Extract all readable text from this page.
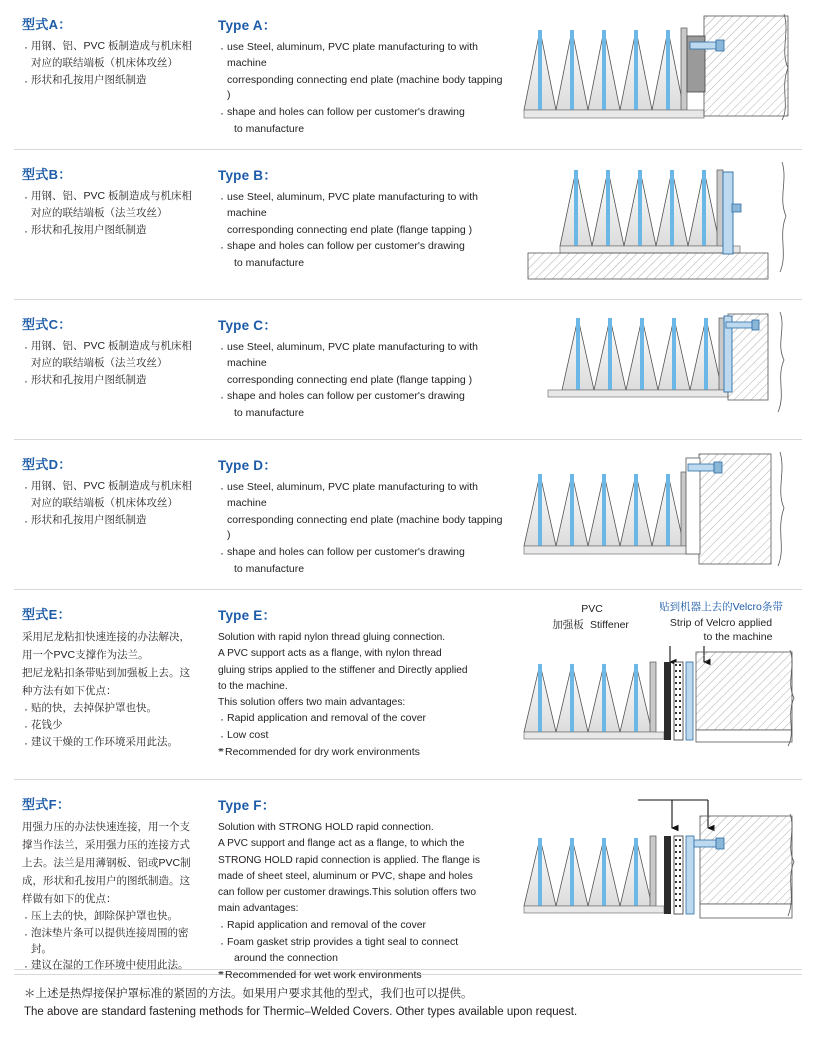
型式A：
· 用钢、铝、PVC 板制造成与机床相
对应的联结端板（机床体攻丝）
· 形状和孔按用户图纸制造
Type A：
· use Steel, aluminum, PVC plate manufacturing to with machine
corresponding connecting end plate (machine body tapping )
· shape and holes can follow per customer's drawing
to manufacture
型式B：
· 用钢、铝、PVC 板制造成与机床相
对应的联结端板（法兰攻丝）
· 形状和孔按用户图纸制造
Type B：
· use Steel, aluminum, PVC plate manufacturing to with machine
corresponding connecting end plate (flange tapping )
· shape and holes can follow per customer's drawing
to manufacture
型式C：
· 用钢、铝、PVC 板制造成与机床相
对应的联结端板（法兰攻丝）
· 形状和孔按用户图纸制造
Type C：
· use Steel, aluminum, PVC plate manufacturing to with machine
corresponding connecting end plate (flange tapping )
· shape and holes can follow per customer's drawing
to manufacture
型式D：
· 用钢、铝、PVC 板制造成与机床相
对应的联结端板（机床体攻丝）
· 形状和孔按用户图纸制造
Type D：
· use Steel, aluminum, PVC plate manufacturing to with machine
corresponding connecting end plate (machine body tapping )
· shape and holes can follow per customer's drawing
to manufacture
型式E：

采用尼龙粘扣快速连接的办法解决，

用一个PVC支撑作为法兰。

把尼龙粘扣条带贴到加强板上去。这

种方法有如下优点：

· 贴的快，去掉保护罩也快。
· 花钱少
· 建议干燥的工作环境采用此法。
Type E：

Solution with rapid nylon thread gluing connection.

A PVC support acts as a flange, with nylon thread

gluing strips applied to the stiffener and Directly applied

to the machine.

This solution offers two main advantages:

· Rapid application and removal of the cover
· Low cost
* * Recommended for dry work environments
PVC
加强板 Stiffener
贴到机器上去的Velcro条带
Strip of Velcro applied
to the machine
型式F：

用强力压的办法快速连接，用一个支

撑当作法兰，采用强力压的连接方式

上去。法兰是用薄钢板、铝或PVC制

成，形状和孔按用户的图纸制造。这

样做有如下的优点：

· 压上去的快，卸除保护罩也快。
· 泡沫垫片条可以提供连接周围的密封。
· 建议在湿的工作环境中使用此法。
Type F：

Solution with STRONG HOLD rapid connection.

A PVC support and flange act as a flange, to which the

STRONG HOLD rapid connection is applied. The flange is

made of sheet steel, aluminum or PVC, shape and holes

can follow per customer drawings.This solution offers two

main advantages:

· Rapid application and removal of the cover
· Foam gasket strip provides a tight seal to connect
around the connection
* * Recommended for wet work environments
＊上述是热焊接保护罩标准的紧固的方法。如果用户要求其他的型式，我们也可以提供。
The above are standard fastening methods for Thermic–Welded Covers. Other types available upon request.
